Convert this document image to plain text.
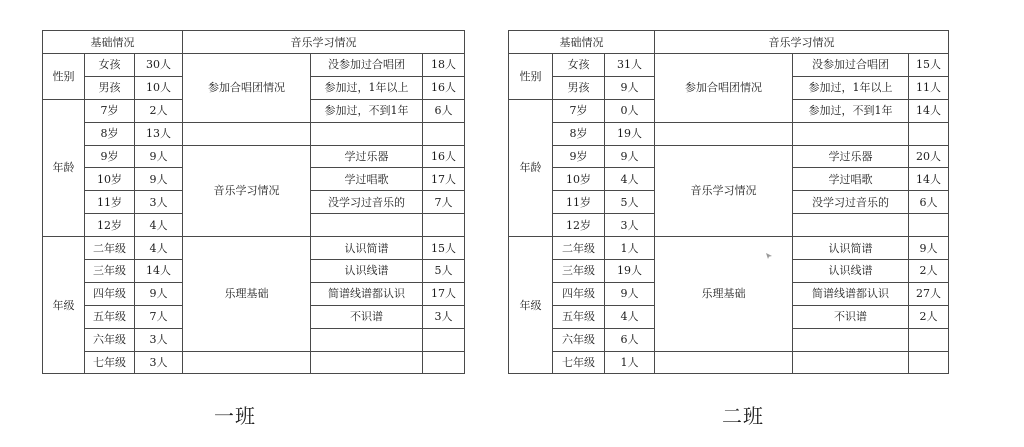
基础情况			音乐学习情况		
性别	女孩	30人	参加合唱团情况	没参加过合唱团	18人
	男孩	10人		参加过，1年以上	16人
年龄	7岁	2人		参加过，不到1年	6人
	8岁	13人			
	9岁	9人	音乐学习情况	学过乐器	16人
	10岁	9人		学过唱歌	17人
	11岁	3人		没学习过音乐的	7人
	12岁	4人			
年级	二年级	4人	乐理基础	认识简谱	15人
	三年级	14人		认识线谱	5人
	四年级	9人		简谱线谱都认识	17人
	五年级	7人		不识谱	3人
	六年级	3人			
	七年级	3人			
基础情况			音乐学习情况		
性别	女孩	31人	参加合唱团情况	没参加过合唱团	15人
	男孩	9人		参加过，1年以上	11人
年龄	7岁	0人		参加过，不到1年	14人
	8岁	19人			
	9岁	9人	音乐学习情况	学过乐器	20人
	10岁	4人		学过唱歌	14人
	11岁	5人		没学习过音乐的	6人
	12岁	3人			
年级	二年级	1人	乐理基础	认识简谱	9人
	三年级	19人		认识线谱	2人
	四年级	9人		简谱线谱都认识	27人
	五年级	4人		不识谱	2人
	六年级	6人			
	七年级	1人			
一班	二班
